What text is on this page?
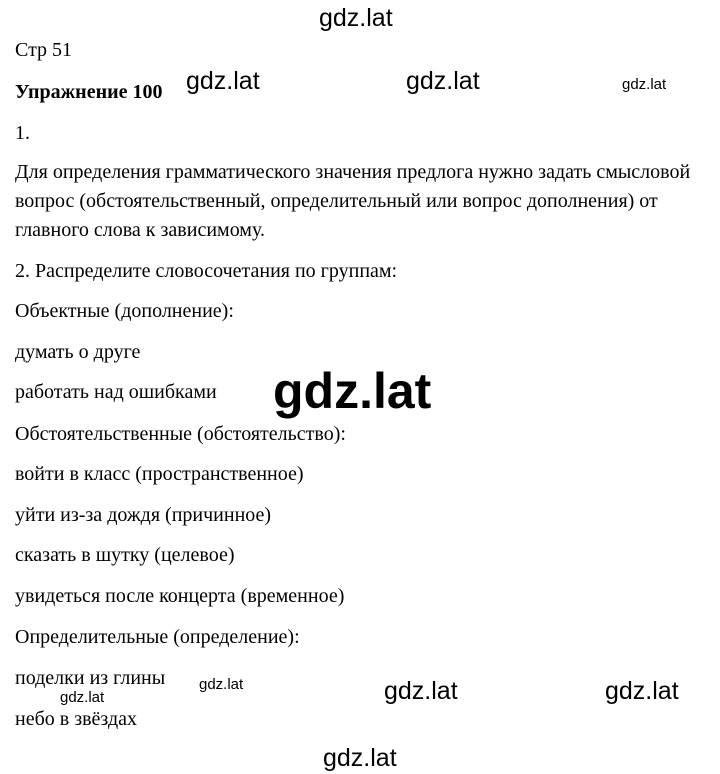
Стр 51
Упражнение 100
1.
Для определения грамматического значения предлога нужно задать смысловой вопрос (обстоятельственный, определительный или вопрос дополнения) от главного слова к зависимому.
2. Распределите словосочетания по группам:
Объектные (дополнение):
думать о друге
работать над ошибками
Обстоятельственные (обстоятельство):
войти в класс (пространственное)
уйти из-за дождя (причинное)
сказать в шутку (целевое)
увидеться после концерта (временное)
Определительные (определение):
поделки из глины
небо в звёздах
gdz.lat
gdz.lat	gdz.lat	gdz.lat
gdz.lat
gdz.lat
gdz.lat	gdz.lat	gdz.lat
gdz.lat
